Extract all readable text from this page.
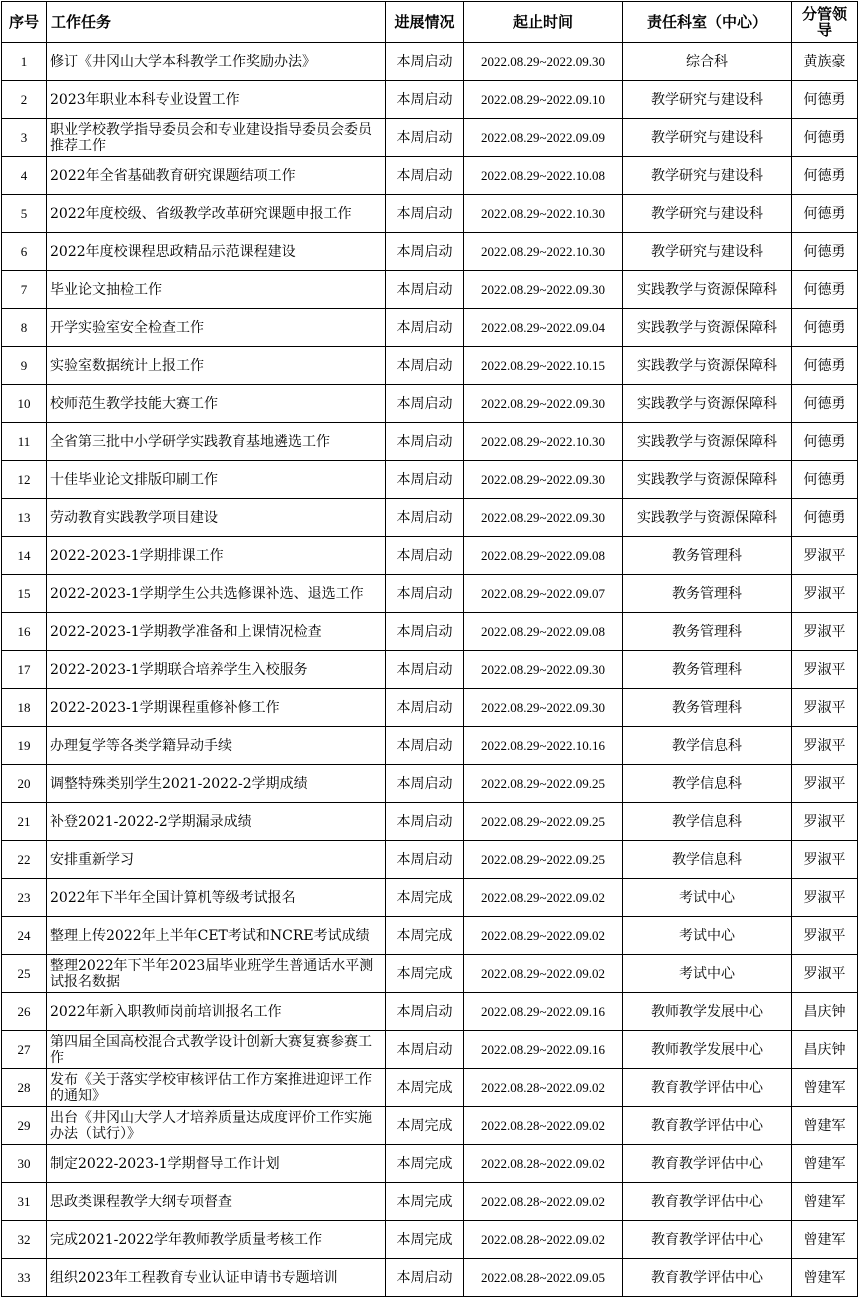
序号	工作任务	进展情况	起止时间	责任科室（中心）	分管领导
1	修订《井冈山大学本科教学工作奖励办法》	本周启动	2022.08.29~2022.09.30	综合科	黄族豪
2	2023年职业本科专业设置工作	本周启动	2022.08.29~2022.09.10	教学研究与建设科	何德勇
3	职业学校教学指导委员会和专业建设指导委员会委员推荐工作	本周启动	2022.08.29~2022.09.09	教学研究与建设科	何德勇
4	2022年全省基础教育研究课题结项工作	本周启动	2022.08.29~2022.10.08	教学研究与建设科	何德勇
5	2022年度校级、省级教学改革研究课题申报工作	本周启动	2022.08.29~2022.10.30	教学研究与建设科	何德勇
6	2022年度校课程思政精品示范课程建设	本周启动	2022.08.29~2022.10.30	教学研究与建设科	何德勇
7	毕业论文抽检工作	本周启动	2022.08.29~2022.09.30	实践教学与资源保障科	何德勇
8	开学实验室安全检查工作	本周启动	2022.08.29~2022.09.04	实践教学与资源保障科	何德勇
9	实验室数据统计上报工作	本周启动	2022.08.29~2022.10.15	实践教学与资源保障科	何德勇
10	校师范生教学技能大赛工作	本周启动	2022.08.29~2022.09.30	实践教学与资源保障科	何德勇
11	全省第三批中小学研学实践教育基地遴选工作	本周启动	2022.08.29~2022.10.30	实践教学与资源保障科	何德勇
12	十佳毕业论文排版印刷工作	本周启动	2022.08.29~2022.09.30	实践教学与资源保障科	何德勇
13	劳动教育实践教学项目建设	本周启动	2022.08.29~2022.09.30	实践教学与资源保障科	何德勇
14	2022-2023-1学期排课工作	本周启动	2022.08.29~2022.09.08	教务管理科	罗淑平
15	2022-2023-1学期学生公共选修课补选、退选工作	本周启动	2022.08.29~2022.09.07	教务管理科	罗淑平
16	2022-2023-1学期教学准备和上课情况检查	本周启动	2022.08.29~2022.09.08	教务管理科	罗淑平
17	2022-2023-1学期联合培养学生入校服务	本周启动	2022.08.29~2022.09.30	教务管理科	罗淑平
18	2022-2023-1学期课程重修补修工作	本周启动	2022.08.29~2022.09.30	教务管理科	罗淑平
19	办理复学等各类学籍异动手续	本周启动	2022.08.29~2022.10.16	教学信息科	罗淑平
20	调整特殊类别学生2021-2022-2学期成绩	本周启动	2022.08.29~2022.09.25	教学信息科	罗淑平
21	补登2021-2022-2学期漏录成绩	本周启动	2022.08.29~2022.09.25	教学信息科	罗淑平
22	安排重新学习	本周启动	2022.08.29~2022.09.25	教学信息科	罗淑平
23	2022年下半年全国计算机等级考试报名	本周完成	2022.08.29~2022.09.02	考试中心	罗淑平
24	整理上传2022年上半年CET考试和NCRE考试成绩	本周完成	2022.08.29~2022.09.02	考试中心	罗淑平
25	整理2022年下半年2023届毕业班学生普通话水平测试报名数据	本周完成	2022.08.29~2022.09.02	考试中心	罗淑平
26	2022年新入职教师岗前培训报名工作	本周启动	2022.08.29~2022.09.16	教师教学发展中心	昌庆钟
27	第四届全国高校混合式教学设计创新大赛复赛参赛工作	本周启动	2022.08.29~2022.09.16	教师教学发展中心	昌庆钟
28	发布《关于落实学校审核评估工作方案推进迎评工作的通知》	本周完成	2022.08.28~2022.09.02	教育教学评估中心	曾建军
29	出台《井冈山大学人才培养质量达成度评价工作实施办法（试行）》	本周完成	2022.08.28~2022.09.02	教育教学评估中心	曾建军
30	制定2022-2023-1学期督导工作计划	本周完成	2022.08.28~2022.09.02	教育教学评估中心	曾建军
31	思政类课程教学大纲专项督查	本周完成	2022.08.28~2022.09.02	教育教学评估中心	曾建军
32	完成2021-2022学年教师教学质量考核工作	本周完成	2022.08.28~2022.09.02	教育教学评估中心	曾建军
33	组织2023年工程教育专业认证申请书专题培训	本周启动	2022.08.28~2022.09.05	教育教学评估中心	曾建军
